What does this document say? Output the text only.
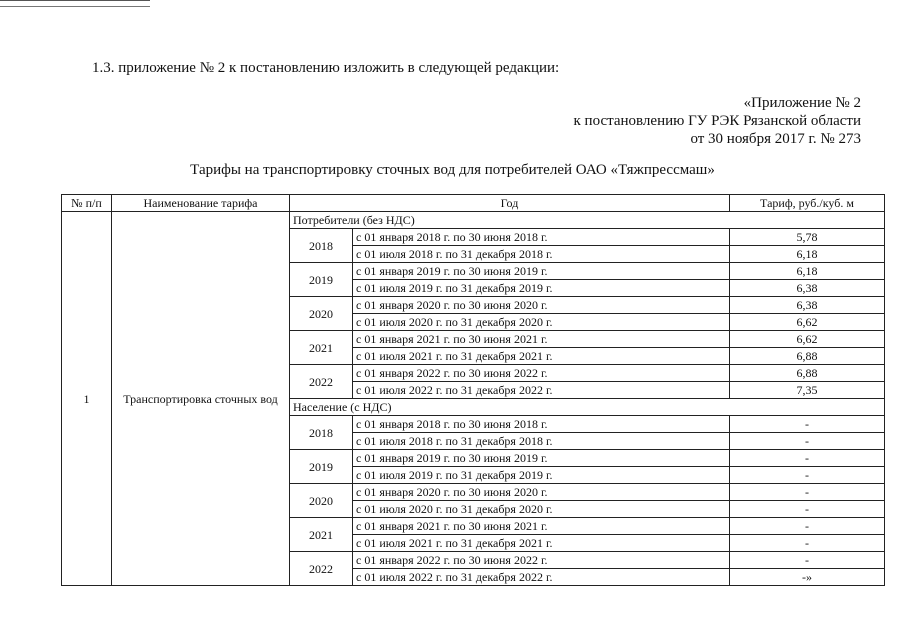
1.3. приложение № 2 к постановлению изложить в следующей редакции:
«Приложение № 2
к постановлению ГУ РЭК Рязанской области
от 30 ноября 2017 г. № 273
Тарифы на транспортировку сточных вод для потребителей ОАО «Тяжпрессмаш»
№ п/п	Наименование тарифа	Год		Тариф, руб./куб. м
1	Транспортировка сточных вод	Потребители (без НДС)		
		2018	с 01 января 2018 г. по 30 июня 2018 г.	5,78
			с 01 июля 2018 г. по 31 декабря 2018 г.	6,18
		2019	с 01 января 2019 г. по 30 июня 2019 г.	6,18
			с 01 июля 2019 г. по 31 декабря 2019 г.	6,38
		2020	с 01 января 2020 г. по 30 июня 2020 г.	6,38
			с 01 июля 2020 г. по 31 декабря 2020 г.	6,62
		2021	с 01 января 2021 г. по 30 июня 2021 г.	6,62
			с 01 июля 2021 г. по 31 декабря 2021 г.	6,88
		2022	с 01 января 2022 г. по 30 июня 2022 г.	6,88
			с 01 июля 2022 г. по 31 декабря 2022 г.	7,35
		Население (с НДС)		
		2018	с 01 января 2018 г. по 30 июня 2018 г.	-
			с 01 июля 2018 г. по 31 декабря 2018 г.	-
		2019	с 01 января 2019 г. по 30 июня 2019 г.	-
			с 01 июля 2019 г. по 31 декабря 2019 г.	-
		2020	с 01 января 2020 г. по 30 июня 2020 г.	-
			с 01 июля 2020 г. по 31 декабря 2020 г.	-
		2021	с 01 января 2021 г. по 30 июня 2021 г.	-
			с 01 июля 2021 г. по 31 декабря 2021 г.	-
		2022	с 01 января 2022 г. по 30 июня 2022 г.	-
			с 01 июля 2022 г. по 31 декабря 2022 г.	-»
